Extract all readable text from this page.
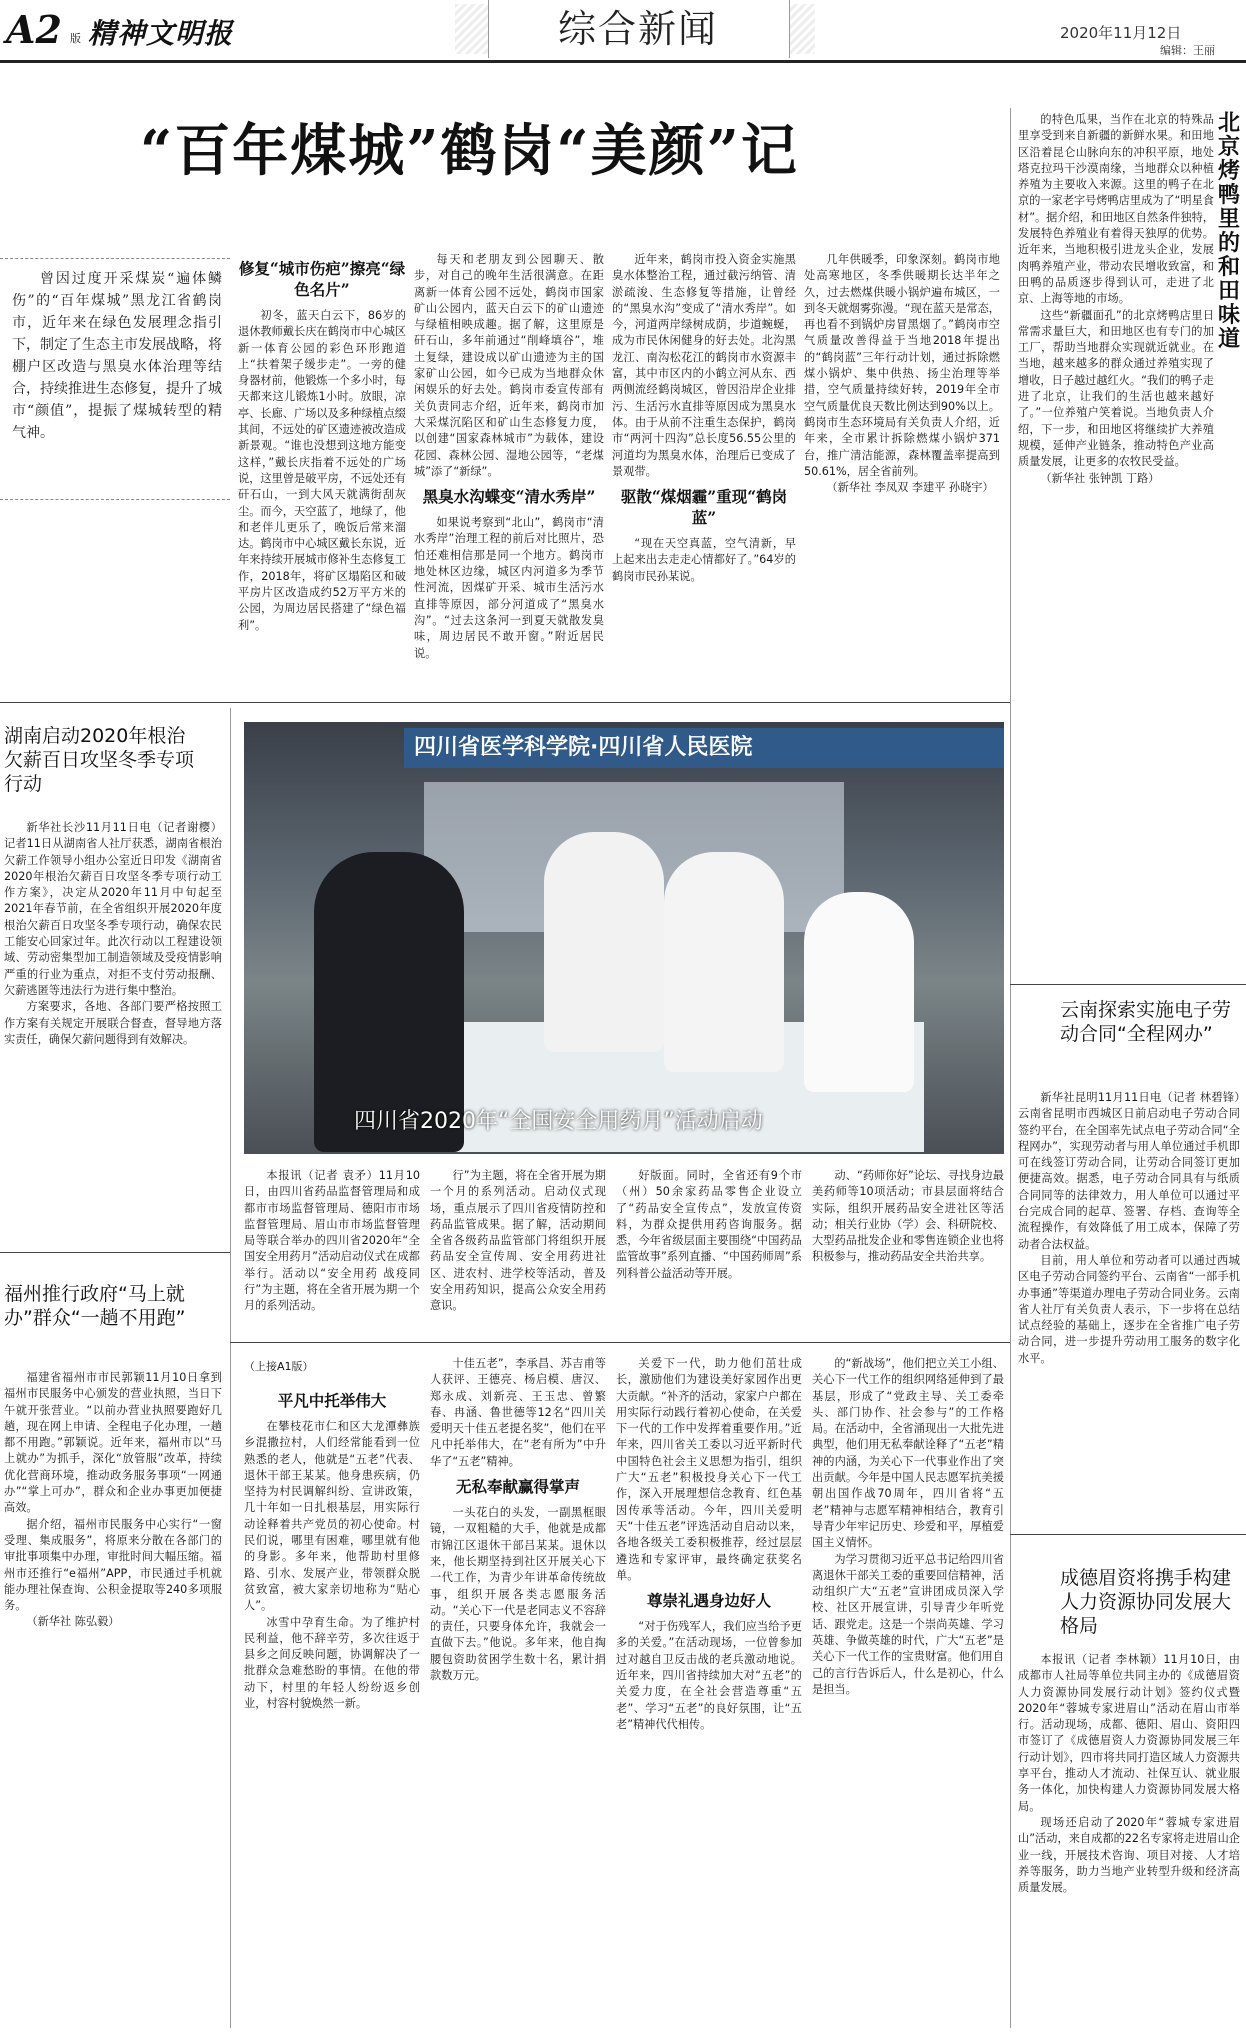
A2 版 精神文明报	综合新闻	2020年11月12日
编辑：王丽
“百年煤城”鹤岗“美颜”记
曾因过度开采煤炭“遍体鳞伤”的“百年煤城”黑龙江省鹤岗市，近年来在绿色发展理念指引下，制定了生态主市发展战略，将棚户区改造与黑臭水体治理等结合，持续推进生态修复，提升了城市“颜值”，提振了煤城转型的精气神。
修复“城市伤疤”擦亮“绿色名片”

初冬，蓝天白云下，86岁的退休教师戴长庆在鹤岗市中心城区新一体育公园的彩色环形跑道上“扶着架子缓步走”。一旁的健身器材前，他锻炼一个多小时，每天都来这儿锻炼1小时。放眼，凉亭、长廊、广场以及多种绿植点缀其间，不远处的矿区遗迹被改造成新景观。“谁也没想到这地方能变这样，”戴长庆指着不远处的广场说，这里曾是破平房，不远处还有矸石山，一到大风天就满街刮灰尘。而今，天空蓝了，地绿了，他和老伴儿更乐了，晚饭后常来溜达。鹤岗市中心城区戴长东说，近年来持续开展城市修补生态修复工作，2018年，将矿区塌陷区和破平房片区改造成约52万平方米的公园，为周边居民搭建了“绿色福利”。

每天和老朋友到公园聊天、散步，对自己的晚年生活很满意。在距离新一体育公园不远处，鹤岗市国家矿山公园内，蓝天白云下的矿山遗迹与绿植相映成趣。据了解，这里原是矸石山，多年前通过“削峰填谷”，堆土复绿，建设成以矿山遗迹为主的国家矿山公园，如今已成为当地群众休闲娱乐的好去处。鹤岗市委宣传部有关负责同志介绍，近年来，鹤岗市加大采煤沉陷区和矿山生态修复力度，以创建“国家森林城市”为载体，建设花园、森林公园、湿地公园等，“老煤城”添了“新绿”。

黑臭水沟蝶变“清水秀岸”

如果说考察到“北山”，鹤岗市“清水秀岸”治理工程的前后对比照片，恐怕还难相信那是同一个地方。鹤岗市地处林区边缘，城区内河道多为季节性河流，因煤矿开采、城市生活污水直排等原因，部分河道成了“黑臭水沟”。“过去这条河一到夏天就散发臭味，周边居民不敢开窗。”附近居民说。

近年来，鹤岗市投入资金实施黑臭水体整治工程，通过截污纳管、清淤疏浚、生态修复等措施，让曾经的“黑臭水沟”变成了“清水秀岸”。如今，河道两岸绿树成荫，步道蜿蜒，成为市民休闲健身的好去处。北沟黑龙江、南沟松花江的鹤岗市水资源丰富，其中市区内的小鹤立河从东、西两侧流经鹤岗城区，曾因沿岸企业排污、生活污水直排等原因成为黑臭水体。由于从前不注重生态保护，鹤岗市“两河十四沟”总长度56.55公里的河道均为黑臭水体，治理后已变成了景观带。

驱散“煤烟霾”重现“鹤岗蓝”

“现在天空真蓝，空气清新，早上起来出去走走心情都好了。”64岁的鹤岗市民孙某说。

几年供暖季，印象深刻。鹤岗市地处高寒地区，冬季供暖期长达半年之久，过去燃煤供暖小锅炉遍布城区，一到冬天就烟雾弥漫。“现在蓝天是常态，再也看不到锅炉房冒黑烟了。”鹤岗市空气质量改善得益于当地2018年提出的“鹤岗蓝”三年行动计划，通过拆除燃煤小锅炉、集中供热、扬尘治理等举措，空气质量持续好转，2019年全市空气质量优良天数比例达到90%以上。鹤岗市生态环境局有关负责人介绍，近年来，全市累计拆除燃煤小锅炉371台，推广清洁能源，森林覆盖率提高到50.61%，居全省前列。

（新华社 李凤双 李建平 孙晓宇）

北京烤鸭里的和田味道

的特色瓜果，当作在北京的特殊品里享受到来自新疆的新鲜水果。和田地区沿着昆仑山脉向东的冲积平原，地处塔克拉玛干沙漠南缘，当地群众以种植养殖为主要收入来源。这里的鸭子在北京的一家老字号烤鸭店里成为了“明星食材”。据介绍，和田地区自然条件独特，发展特色养殖业有着得天独厚的优势。近年来，当地积极引进龙头企业，发展肉鸭养殖产业，带动农民增收致富，和田鸭的品质逐步得到认可，走进了北京、上海等地的市场。

这些“新疆面孔”的北京烤鸭店里日常需求量巨大，和田地区也有专门的加工厂，帮助当地群众实现就近就业。在当地，越来越多的群众通过养殖实现了增收，日子越过越红火。“我们的鸭子走进了北京，让我们的生活也越来越好了。”一位养殖户笑着说。当地负责人介绍，下一步，和田地区将继续扩大养殖规模，延伸产业链条，推动特色产业高质量发展，让更多的农牧民受益。

（新华社 张钟凯 丁路）

湖南启动2020年根治欠薪百日攻坚冬季专项行动

新华社长沙11月11日电（记者谢樱）记者11日从湖南省人社厅获悉，湖南省根治欠薪工作领导小组办公室近日印发《湖南省2020年根治欠薪百日攻坚冬季专项行动工作方案》，决定从2020年11月中旬起至2021年春节前，在全省组织开展2020年度根治欠薪百日攻坚冬季专项行动，确保农民工能安心回家过年。此次行动以工程建设领域、劳动密集型加工制造领域及受疫情影响严重的行业为重点，对拒不支付劳动报酬、欠薪逃匿等违法行为进行集中整治。

方案要求，各地、各部门要严格按照工作方案有关规定开展联合督查，督导地方落实责任，确保欠薪问题得到有效解决。

四川省医学科学院·四川省人民医院
四川省2020年“全国安全用药月”活动启动

本报讯（记者 袁矛）11月10日，由四川省药品监督管理局和成都市市场监督管理局、德阳市市场监督管理局、眉山市市场监督管理局等联合举办的四川省2020年“全国安全用药月”活动启动仪式在成都举行。活动以“安全用药 战疫同行”为主题，将在全省开展为期一个月的系列活动。

行”为主题，将在全省开展为期一个月的系列活动。启动仪式现场，重点展示了四川省疫情防控和药品监管成果。据了解，活动期间全省各级药品监管部门将组织开展药品安全宣传周、安全用药进社区、进农村、进学校等活动，普及安全用药知识，提高公众安全用药意识。

好版面。同时，全省还有9个市（州）50余家药品零售企业设立了“药品安全宣传点”，发放宣传资料，为群众提供用药咨询服务。据悉，今年省级层面主要围绕“中国药品监管故事”系列直播、“中国药师周”系列科普公益活动等开展。

动、“药师你好”论坛、寻找身边最美药师等10项活动；市县层面将结合实际，组织开展药品安全进社区等活动；相关行业协（学）会、科研院校、大型药品批发企业和零售连锁企业也将积极参与，推动药品安全共治共享。

福州推行政府“马上就办”群众“一趟不用跑”

福建省福州市市民郭颖11月10日拿到福州市民服务中心颁发的营业执照，当日下午就开张营业。“以前办营业执照要跑好几趟，现在网上申请、全程电子化办理，一趟都不用跑。”郭颖说。近年来，福州市以“马上就办”为抓手，深化“放管服”改革，持续优化营商环境，推动政务服务事项“一网通办”“掌上可办”，群众和企业办事更加便捷高效。

据介绍，福州市民服务中心实行“一窗受理、集成服务”，将原来分散在各部门的审批事项集中办理，审批时间大幅压缩。福州市还推行“e福州”APP，市民通过手机就能办理社保查询、公积金提取等240多项服务。

（新华社 陈弘毅）

（上接A1版）
平凡中托举伟大

在攀枝花市仁和区大龙潭彝族乡混撒拉村，人们经常能看到一位熟悉的老人，他就是“五老”代表、退休干部王某某。他身患疾病，仍坚持为村民调解纠纷、宣讲政策，几十年如一日扎根基层，用实际行动诠释着共产党员的初心使命。村民们说，哪里有困难，哪里就有他的身影。多年来，他帮助村里修路、引水、发展产业，带领群众脱贫致富，被大家亲切地称为“贴心人”。

冰雪中孕育生命。为了维护村民利益，他不辞辛劳，多次往返于县乡之间反映问题，协调解决了一批群众急难愁盼的事情。在他的带动下，村里的年轻人纷纷返乡创业，村容村貌焕然一新。

十佳五老”，李承昌、苏吉甫等人获评、王德亮、杨启模、唐汉、郑永成、刘新亮、王玉忠、曾繁春、冉涵、鲁世德等12名“四川关爱明天十佳五老提名奖”，他们在平凡中托举伟大，在“老有所为”中升华了“五老”精神。

无私奉献赢得掌声

一头花白的头发，一副黑框眼镜，一双粗糙的大手，他就是成都市锦江区退休干部吕某某。退休以来，他长期坚持到社区开展关心下一代工作，为青少年讲革命传统故事，组织开展各类志愿服务活动。“关心下一代是老同志义不容辞的责任，只要身体允许，我就会一直做下去。”他说。多年来，他自掏腰包资助贫困学生数十名，累计捐款数万元。

关爱下一代，助力他们茁壮成长，激励他们为建设美好家园作出更大贡献。“补齐的活动，家家户户都在用实际行动践行着初心使命，在关爱下一代的工作中发挥着重要作用。”近年来，四川省关工委以习近平新时代中国特色社会主义思想为指引，组织广大“五老”积极投身关心下一代工作，深入开展理想信念教育、红色基因传承等活动。今年，四川关爱明天“十佳五老”评选活动自启动以来，各地各级关工委积极推荐，经过层层遴选和专家评审，最终确定获奖名单。

尊崇礼遇身边好人

“对于伤残军人，我们应当给予更多的关爱。”在活动现场，一位曾参加过对越自卫反击战的老兵激动地说。近年来，四川省持续加大对“五老”的关爱力度，在全社会营造尊重“五老”、学习“五老”的良好氛围，让“五老”精神代代相传。

的“新战场”，他们把立关工小组、关心下一代工作的组织网络延伸到了最基层，形成了“党政主导、关工委牵头、部门协作、社会参与”的工作格局。在活动中，全省涌现出一大批先进典型，他们用无私奉献诠释了“五老”精神的内涵，为关心下一代事业作出了突出贡献。今年是中国人民志愿军抗美援朝出国作战70周年，四川省将“五老”精神与志愿军精神相结合，教育引导青少年牢记历史、珍爱和平，厚植爱国主义情怀。

为学习贯彻习近平总书记给四川省离退休干部关工委的重要回信精神，活动组织广大“五老”宣讲团成员深入学校、社区开展宣讲，引导青少年听党话、跟党走。这是一个崇尚英雄、学习英雄、争做英雄的时代，广大“五老”是关心下一代工作的宝贵财富。他们用自己的言行告诉后人，什么是初心，什么是担当。

云南探索实施电子劳动合同“全程网办”

新华社昆明11月11日电（记者 林碧锋）云南省昆明市西城区日前启动电子劳动合同签约平台，在全国率先试点电子劳动合同“全程网办”，实现劳动者与用人单位通过手机即可在线签订劳动合同，让劳动合同签订更加便捷高效。据悉，电子劳动合同具有与纸质合同同等的法律效力，用人单位可以通过平台完成合同的起草、签署、存档、查询等全流程操作，有效降低了用工成本，保障了劳动者合法权益。

目前，用人单位和劳动者可以通过西城区电子劳动合同签约平台、云南省“一部手机办事通”等渠道办理电子劳动合同业务。云南省人社厅有关负责人表示，下一步将在总结试点经验的基础上，逐步在全省推广电子劳动合同，进一步提升劳动用工服务的数字化水平。

成德眉资将携手构建人力资源协同发展大格局

本报讯（记者 李林颖）11月10日，由成都市人社局等单位共同主办的《成德眉资人力资源协同发展行动计划》签约仪式暨2020年“蓉城专家进眉山”活动在眉山市举行。活动现场，成都、德阳、眉山、资阳四市签订了《成德眉资人力资源协同发展三年行动计划》，四市将共同打造区域人力资源共享平台，推动人才流动、社保互认、就业服务一体化，加快构建人力资源协同发展大格局。

现场还启动了2020年“蓉城专家进眉山”活动，来自成都的22名专家将走进眉山企业一线，开展技术咨询、项目对接、人才培养等服务，助力当地产业转型升级和经济高质量发展。
